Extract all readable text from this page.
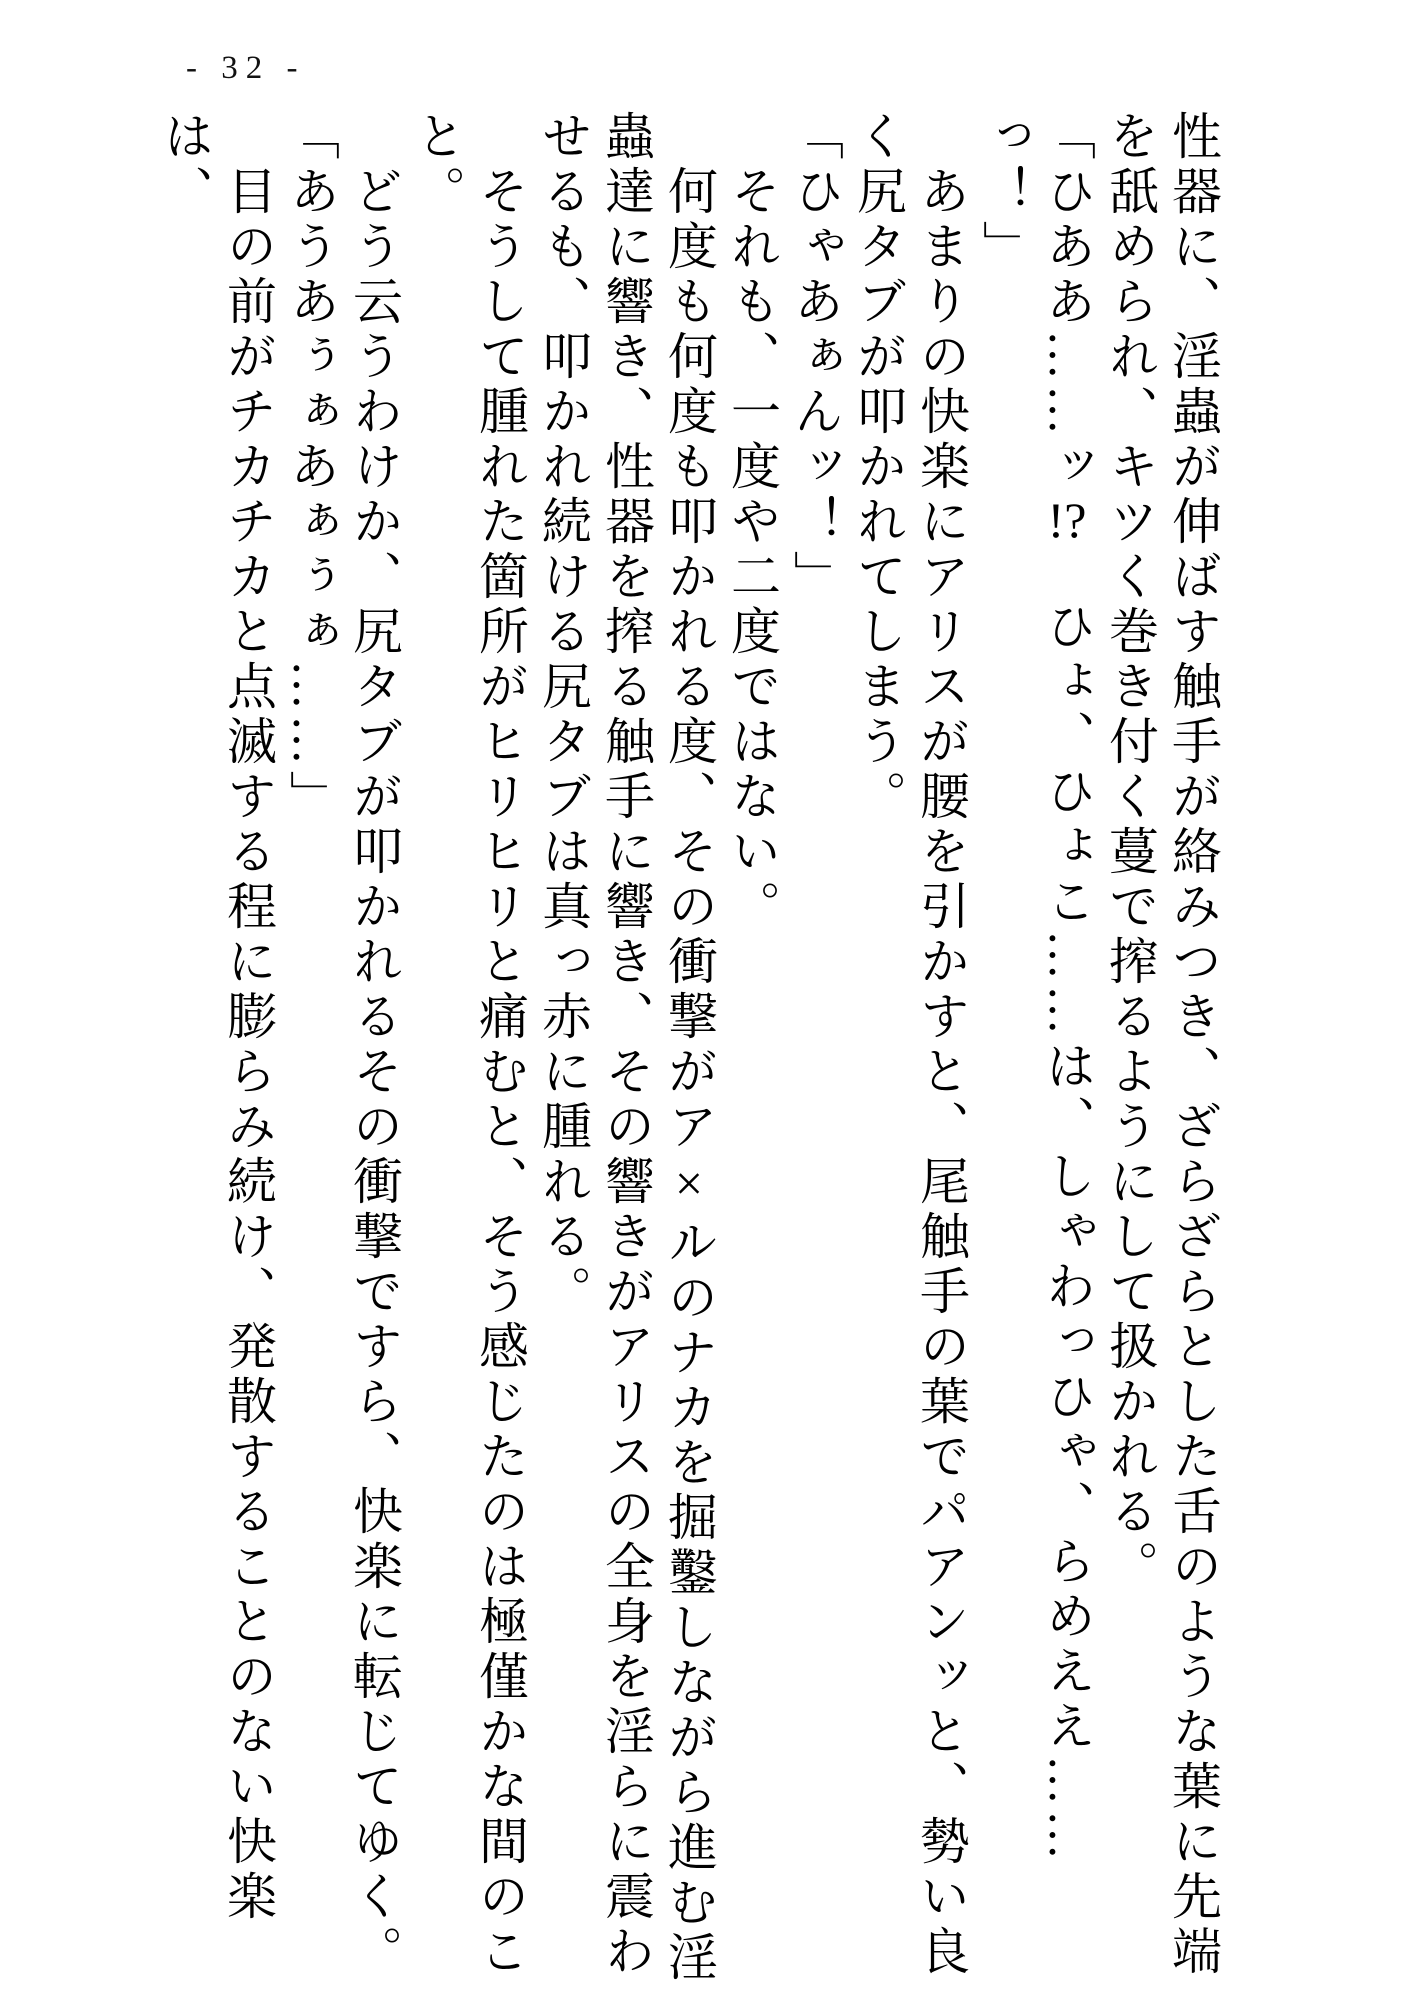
- 32 -
性器に、淫蟲が伸ばす触手が絡みつき、ざらざらとした舌のような葉に先端
を舐められ、キツく巻き付く蔓で搾るようにして扱かれる。
「ひああ……ッ!?　ひょ、ひょこ……は、しゃわっひゃ、らめええ……
っ！」
あまりの快楽にアリスが腰を引かすと、尾触手の葉でパアンッと、勢い良
く尻タブが叩かれてしまう。
「ひゃあぁんッ！」
それも、一度や二度ではない。
何度も何度も叩かれる度、その衝撃がア×ルのナカを掘鑿しながら進む淫
蟲達に響き、性器を搾る触手に響き、その響きがアリスの全身を淫らに震わ
せるも、叩かれ続ける尻タブは真っ赤に腫れる。
そうして腫れた箇所がヒリヒリと痛むと、そう感じたのは極僅かな間のこ
と。
どう云うわけか、尻タブが叩かれるその衝撃ですら、快楽に転じてゆく。
「あうあぅぁあぁぅぁ……」
目の前がチカチカと点滅する程に膨らみ続け、発散することのない快楽は、
